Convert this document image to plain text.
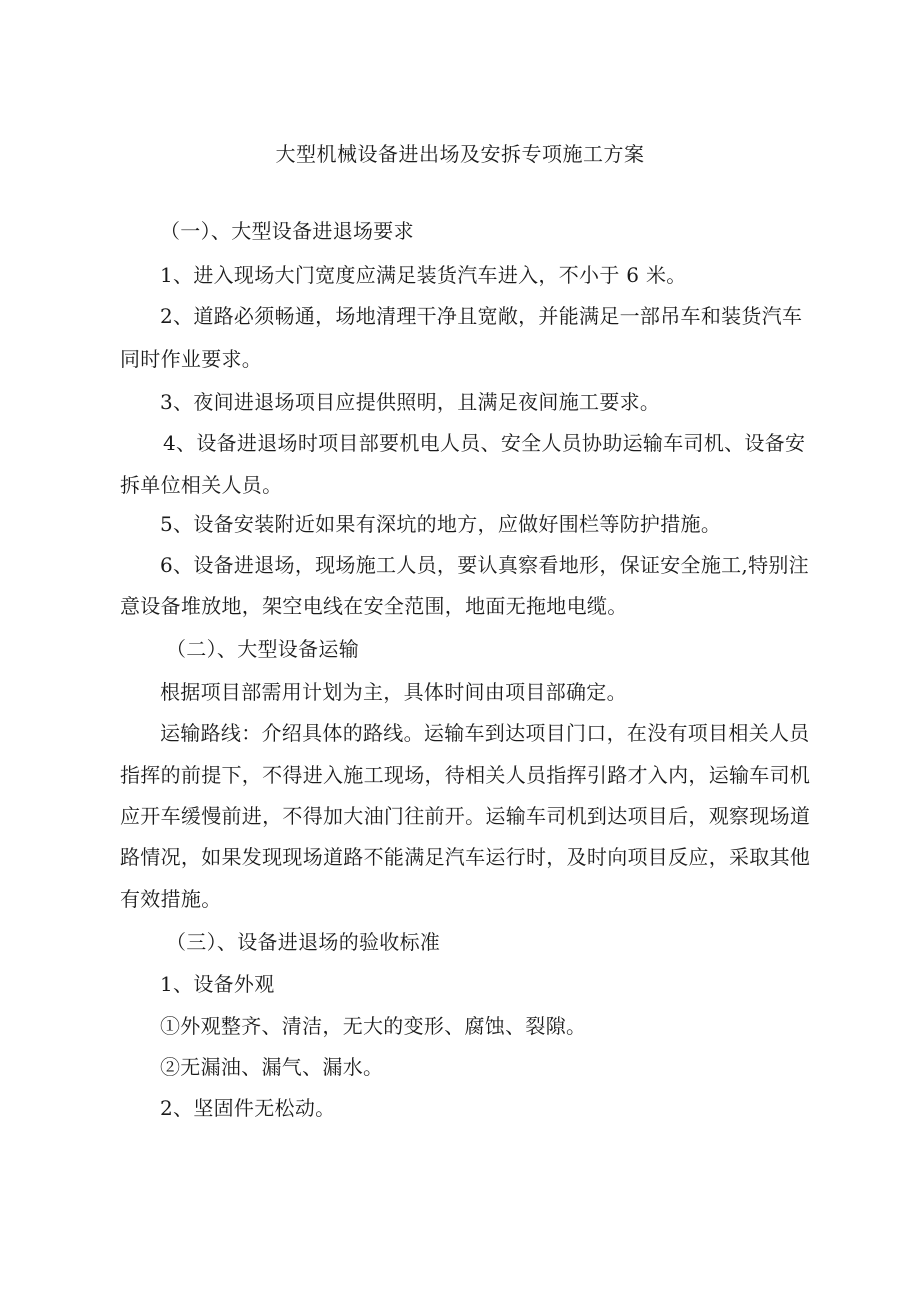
大型机械设备进出场及安拆专项施工方案
（一）、大型设备进退场要求
1、进入现场大门宽度应满足装货汽车进入，不小于 6 米。
2、道路必须畅通，场地清理干净且宽敞，并能满足一部吊车和装货汽车
同时作业要求。
3、夜间进退场项目应提供照明，且满足夜间施工要求。
4、设备进退场时项目部要机电人员、安全人员协助运输车司机、设备安
拆单位相关人员。
5、设备安装附近如果有深坑的地方，应做好围栏等防护措施。
6、设备进退场，现场施工人员，要认真察看地形，保证安全施工,特别注
意设备堆放地，架空电线在安全范围，地面无拖地电缆。
（二）、大型设备运输
根据项目部需用计划为主，具体时间由项目部确定。
运输路线：介绍具体的路线。运输车到达项目门口，在没有项目相关人员
指挥的前提下，不得进入施工现场，待相关人员指挥引路才入内，运输车司机
应开车缓慢前进，不得加大油门往前开。运输车司机到达项目后，观察现场道
路情况，如果发现现场道路不能满足汽车运行时，及时向项目反应，采取其他
有效措施。
（三）、设备进退场的验收标准
1、设备外观
①外观整齐、清洁，无大的变形、腐蚀、裂隙。
②无漏油、漏气、漏水。
2、坚固件无松动。
